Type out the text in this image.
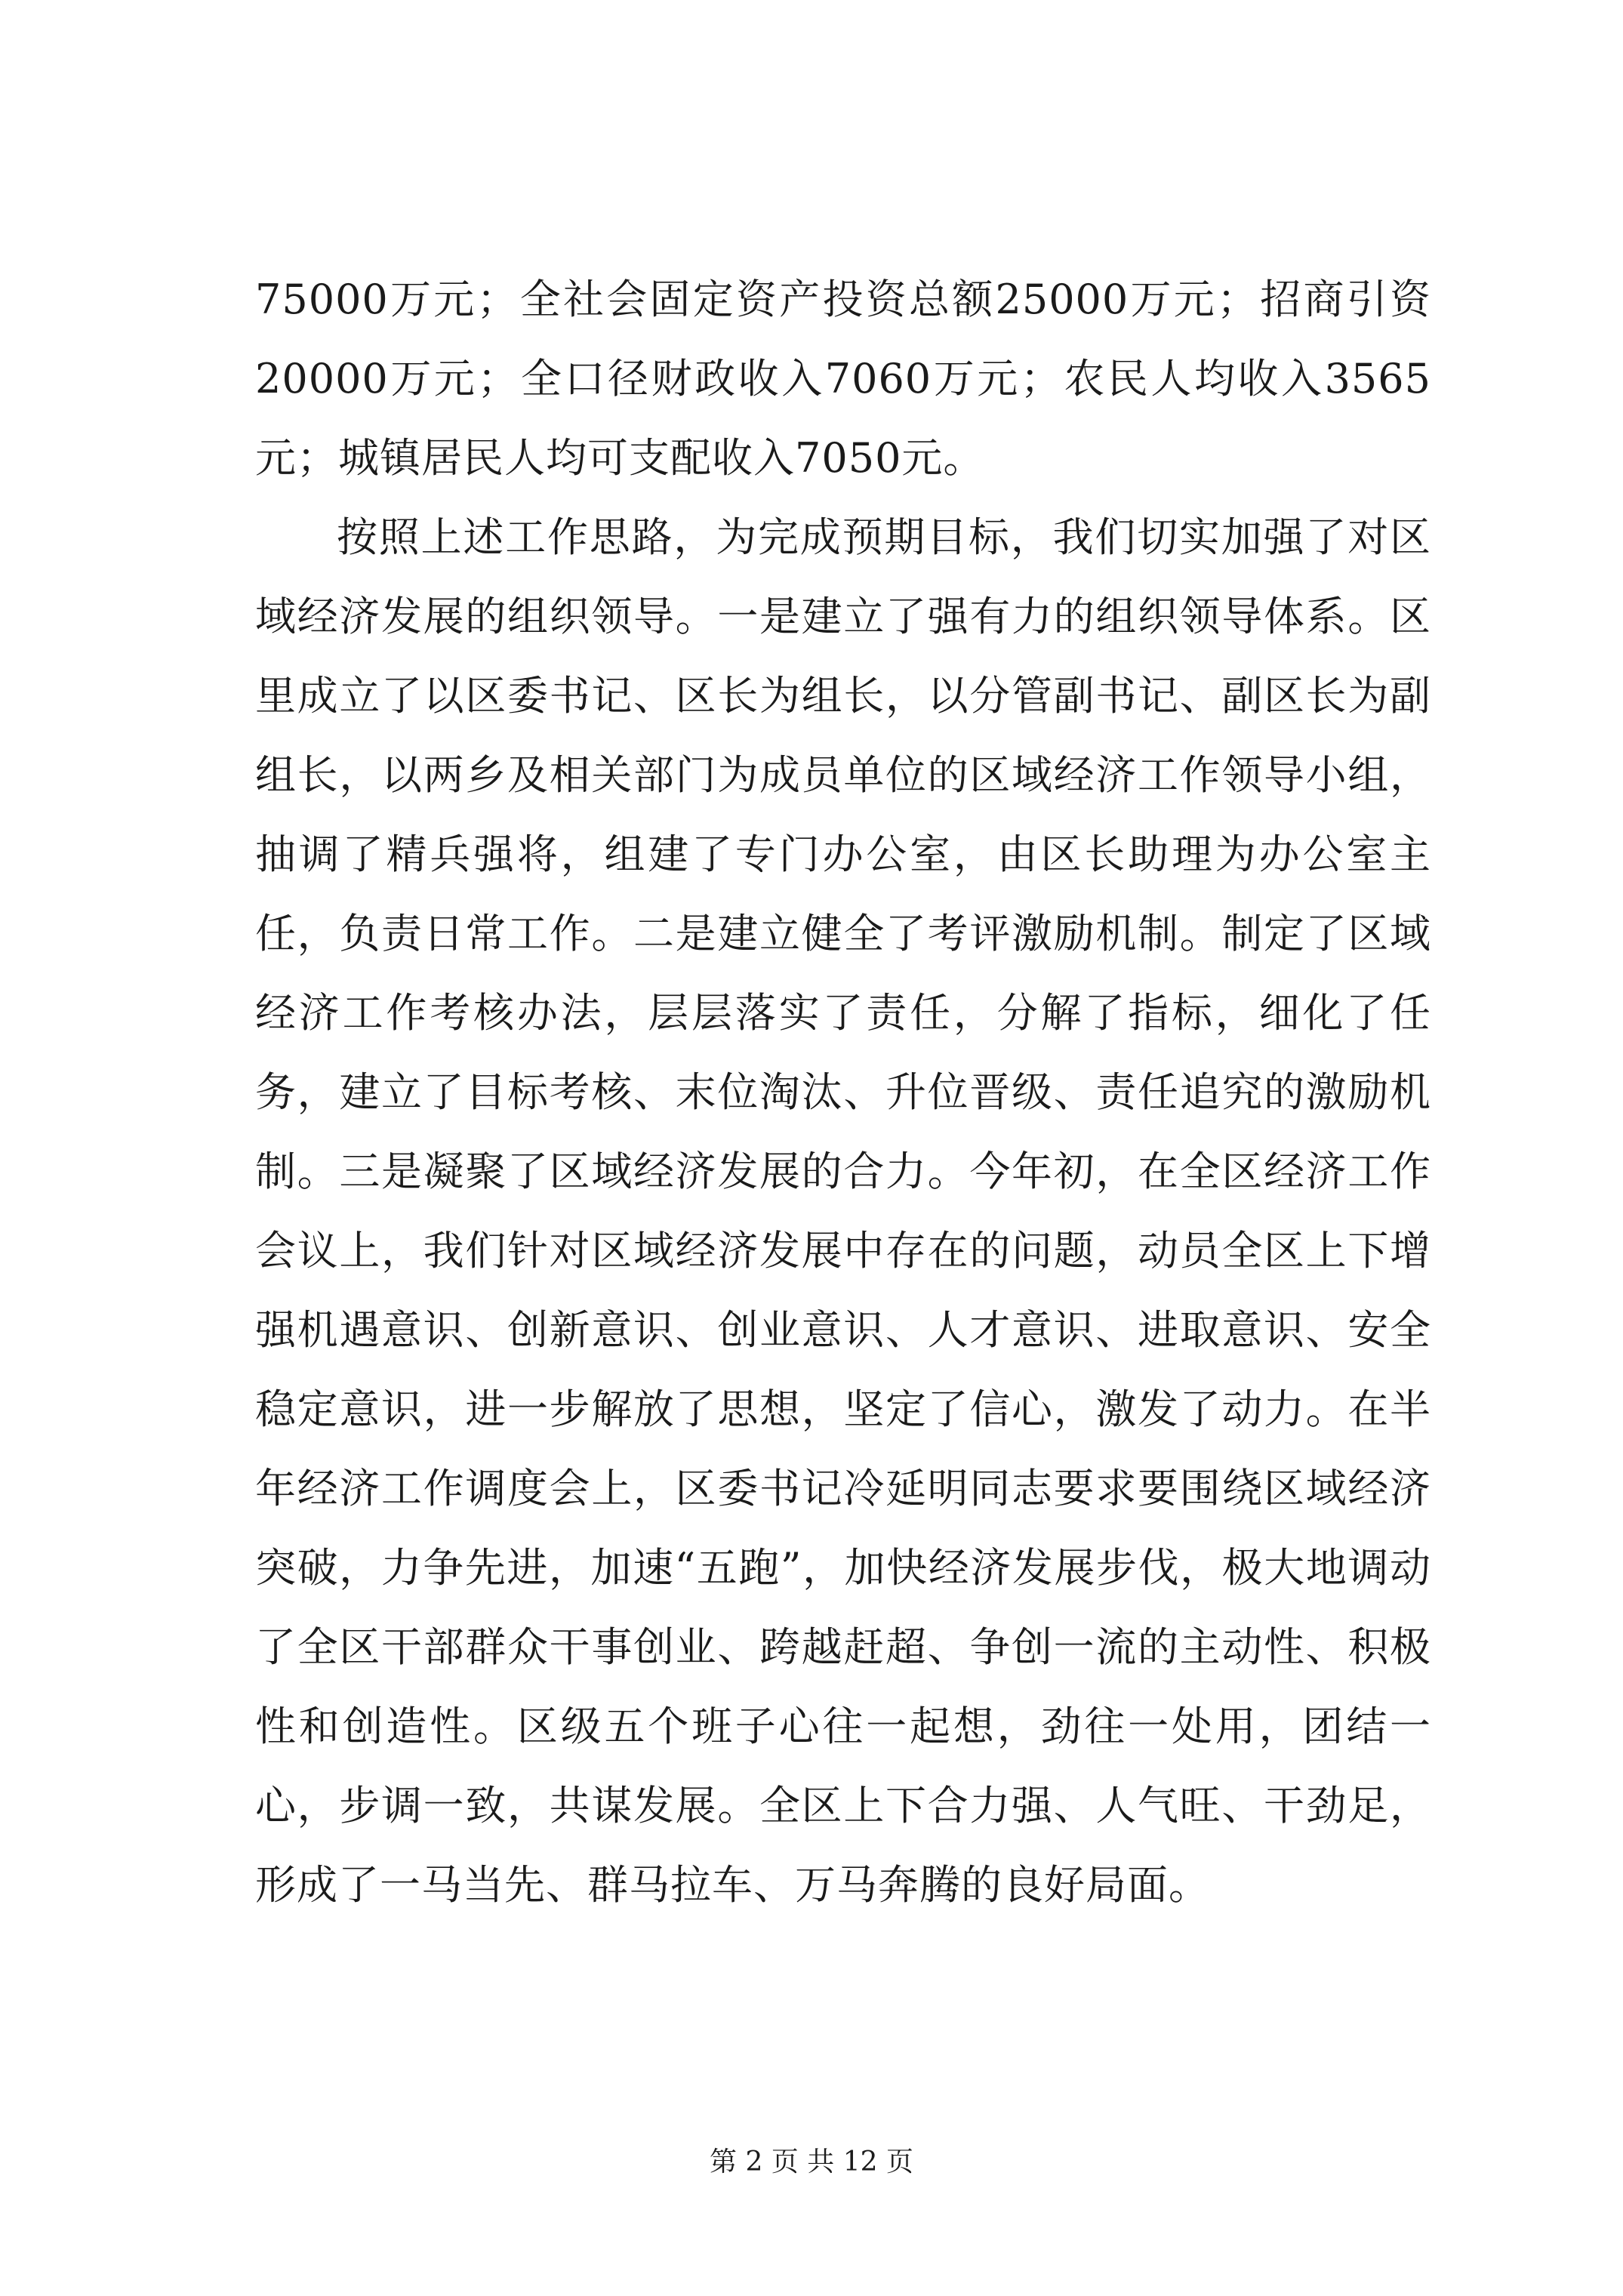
75000万元；全社会固定资产投资总额25000万元；招商引资20000万元；全口径财政收入7060万元；农民人均收入3565元；城镇居民人均可支配收入7050元。

按照上述工作思路，为完成预期目标，我们切实加强了对区域经济发展的组织领导。一是建立了强有力的组织领导体系。区里成立了以区委书记、区长为组长，以分管副书记、副区长为副组长，以两乡及相关部门为成员单位的区域经济工作领导小组，抽调了精兵强将，组建了专门办公室，由区长助理为办公室主任，负责日常工作。二是建立健全了考评激励机制。制定了区域经济工作考核办法，层层落实了责任，分解了指标，细化了任务，建立了目标考核、末位淘汰、升位晋级、责任追究的激励机制。三是凝聚了区域经济发展的合力。今年初，在全区经济工作会议上，我们针对区域经济发展中存在的问题，动员全区上下增强机遇意识、创新意识、创业意识、人才意识、进取意识、安全稳定意识，进一步解放了思想，坚定了信心，激发了动力。在半年经济工作调度会上，区委书记冷延明同志要求要围绕区域经济突破，力争先进，加速“五跑”，加快经济发展步伐，极大地调动了全区干部群众干事创业、跨越赶超、争创一流的主动性、积极性和创造性。区级五个班子心往一起想，劲往一处用，团结一心，步调一致，共谋发展。全区上下合力强、人气旺、干劲足，形成了一马当先、群马拉车、万马奔腾的良好局面。

第 2 页 共 12 页
